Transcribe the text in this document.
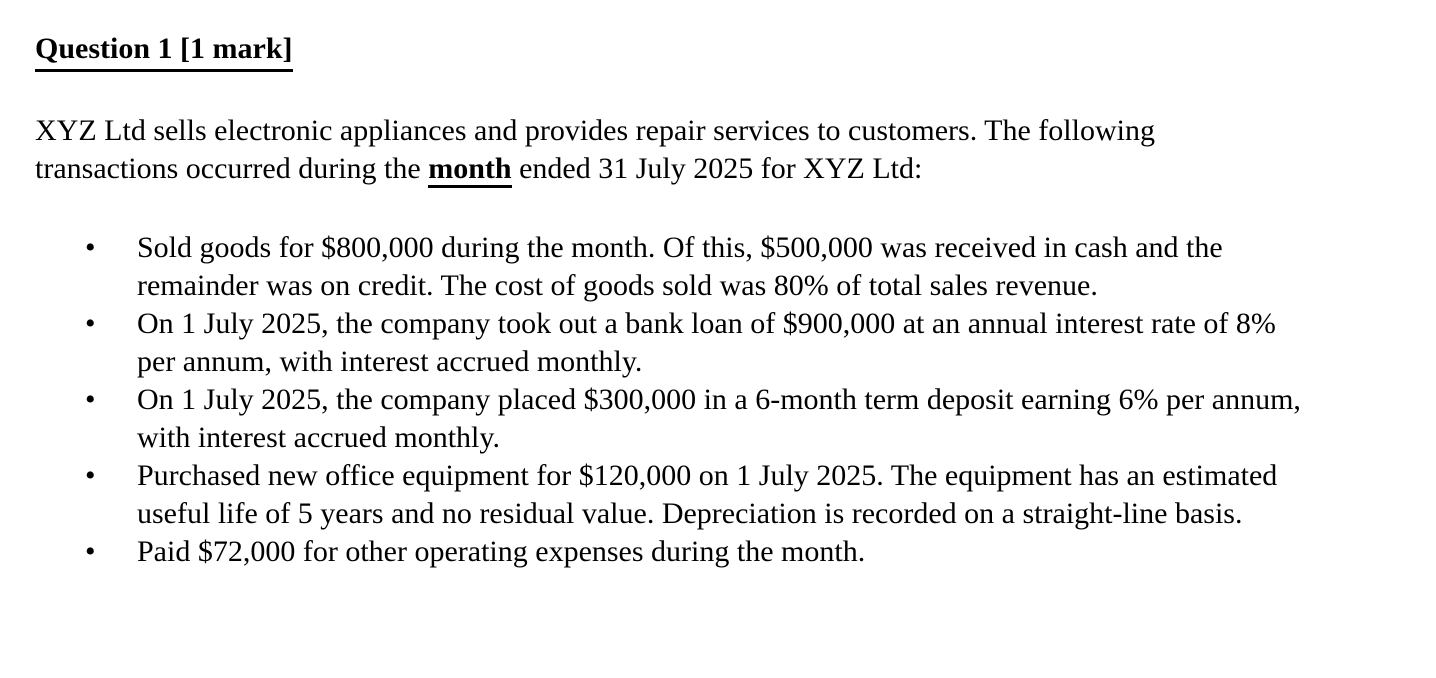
Question 1 [1 mark]

XYZ Ltd sells electronic appliances and provides repair services to customers. The following transactions occurred during the month ended 31 July 2025 for XYZ Ltd:

•	Sold goods for $800,000 during the month. Of this, $500,000 was received in cash and the remainder was on credit. The cost of goods sold was 80% of total sales revenue.
•	On 1 July 2025, the company took out a bank loan of $900,000 at an annual interest rate of 8% per annum, with interest accrued monthly.
•	On 1 July 2025, the company placed $300,000 in a 6-month term deposit earning 6% per annum, with interest accrued monthly.
•	Purchased new office equipment for $120,000 on 1 July 2025. The equipment has an estimated useful life of 5 years and no residual value. Depreciation is recorded on a straight-line basis.
•	Paid $72,000 for other operating expenses during the month.
